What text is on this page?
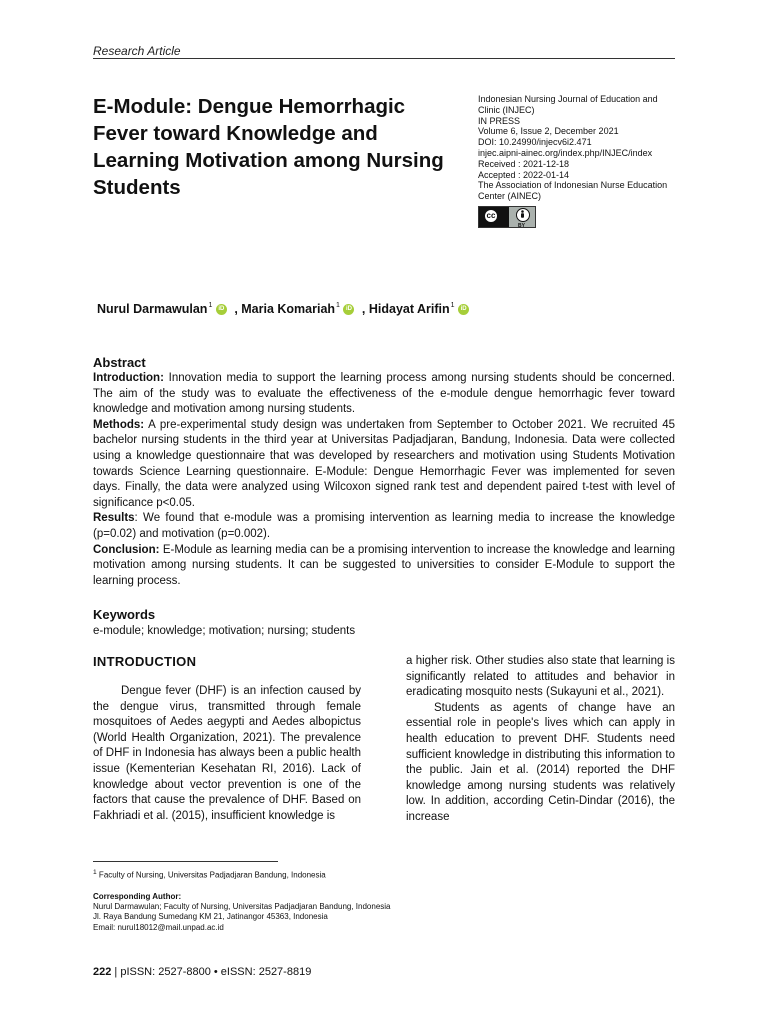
Research Article
E-Module: Dengue Hemorrhagic Fever toward Knowledge and Learning Motivation among Nursing Students
Indonesian Nursing Journal of Education and Clinic (INJEC)
IN PRESS
Volume 6, Issue 2, December 2021
DOI: 10.24990/injecv6i2.471
injec.aipni-ainec.org/index.php/INJEC/index
Received : 2021-12-18
Accepted : 2022-01-14
The Association of Indonesian Nurse Education Center (AINEC)
cc
BY
Nurul Darmawulan$^1$ iD , Maria Komariah$^1$ iD , Hidayat Arifin$^1$ iD
Abstract

Introduction: Innovation media to support the learning process among nursing students should be concerned. The aim of the study was to evaluate the effectiveness of the e-module dengue hemorrhagic fever toward knowledge and motivation among nursing students.

Methods: A pre-experimental study design was undertaken from September to October 2021. We recruited 45 bachelor nursing students in the third year at Universitas Padjadjaran, Bandung, Indonesia. Data were collected using a knowledge questionnaire that was developed by researchers and motivation using Students Motivation towards Science Learning questionnaire. E-Module: Dengue Hemorrhagic Fever was implemented for seven days. Finally, the data were analyzed using Wilcoxon signed rank test and dependent paired t-test with level of significance p<0.05.

Results: We found that e-module was a promising intervention as learning media to increase the knowledge (p=0.02) and motivation (p=0.002).

Conclusion: E-Module as learning media can be a promising intervention to increase the knowledge and learning motivation among nursing students. It can be suggested to universities to consider E-Module to support the learning process.

Keywords
e-module; knowledge; motivation; nursing; students
INTRODUCTION

Dengue fever (DHF) is an infection caused by the dengue virus, transmitted through female mosquitoes of Aedes aegypti and Aedes albopictus (World Health Organization, 2021). The prevalence of DHF in Indonesia has always been a public health issue (Kementerian Kesehatan RI, 2016). Lack of knowledge about vector prevention is one of the factors that cause the prevalence of DHF. Based on Fakhriadi et al. (2015), insufficient knowledge is

a higher risk. Other studies also state that learning is significantly related to attitudes and behavior in eradicating mosquito nests (Sukayuni et al., 2021).

Students as agents of change have an essential role in people's lives which can apply in health education to prevent DHF. Students need sufficient knowledge in distributing this information to the public. Jain et al. (2014) reported the DHF knowledge among nursing students was relatively low. In addition, according Cetin-Dindar (2016), the increase

$^1$ Faculty of Nursing, Universitas Padjadjaran Bandung, Indonesia
Corresponding Author:
Nurul Darmawulan; Faculty of Nursing, Universitas Padjadjaran Bandung, Indonesia
Jl. Raya Bandung Sumedang KM 21, Jatinangor 45363, Indonesia
Email: nurul18012@mail.unpad.ac.id
222 | pISSN: 2527-8800 • eISSN: 2527-8819
